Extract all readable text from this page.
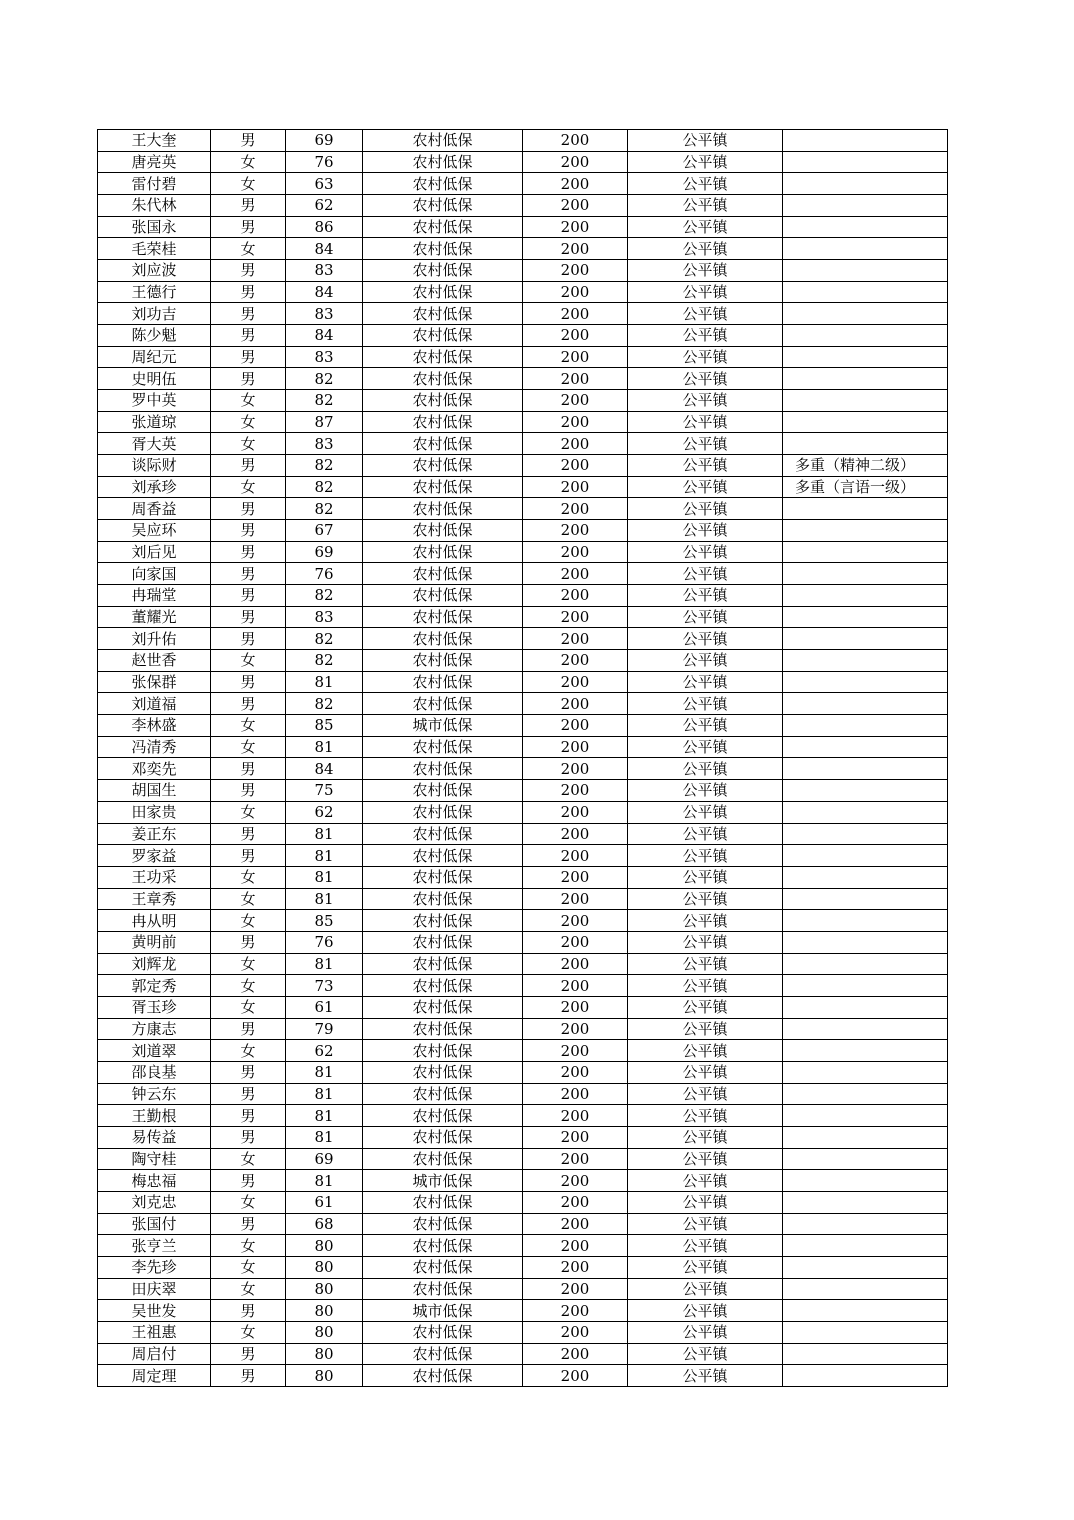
王大奎	男	69	农村低保	200	公平镇	
唐亮英	女	76	农村低保	200	公平镇	
雷付碧	女	63	农村低保	200	公平镇	
朱代林	男	62	农村低保	200	公平镇	
张国永	男	86	农村低保	200	公平镇	
毛荣桂	女	84	农村低保	200	公平镇	
刘应波	男	83	农村低保	200	公平镇	
王德行	男	84	农村低保	200	公平镇	
刘功吉	男	83	农村低保	200	公平镇	
陈少魁	男	84	农村低保	200	公平镇	
周纪元	男	83	农村低保	200	公平镇	
史明伍	男	82	农村低保	200	公平镇	
罗中英	女	82	农村低保	200	公平镇	
张道琼	女	87	农村低保	200	公平镇	
胥大英	女	83	农村低保	200	公平镇	
谈际财	男	82	农村低保	200	公平镇	多重（精神二级）
刘承珍	女	82	农村低保	200	公平镇	多重（言语一级）
周香益	男	82	农村低保	200	公平镇	
吴应环	男	67	农村低保	200	公平镇	
刘后见	男	69	农村低保	200	公平镇	
向家国	男	76	农村低保	200	公平镇	
冉瑞堂	男	82	农村低保	200	公平镇	
董耀光	男	83	农村低保	200	公平镇	
刘升佑	男	82	农村低保	200	公平镇	
赵世香	女	82	农村低保	200	公平镇	
张保群	男	81	农村低保	200	公平镇	
刘道福	男	82	农村低保	200	公平镇	
李林盛	女	85	城市低保	200	公平镇	
冯清秀	女	81	农村低保	200	公平镇	
邓奕先	男	84	农村低保	200	公平镇	
胡国生	男	75	农村低保	200	公平镇	
田家贵	女	62	农村低保	200	公平镇	
姜正东	男	81	农村低保	200	公平镇	
罗家益	男	81	农村低保	200	公平镇	
王功采	女	81	农村低保	200	公平镇	
王章秀	女	81	农村低保	200	公平镇	
冉从明	女	85	农村低保	200	公平镇	
黄明前	男	76	农村低保	200	公平镇	
刘辉龙	女	81	农村低保	200	公平镇	
郭定秀	女	73	农村低保	200	公平镇	
胥玉珍	女	61	农村低保	200	公平镇	
方康志	男	79	农村低保	200	公平镇	
刘道翠	女	62	农村低保	200	公平镇	
邵良基	男	81	农村低保	200	公平镇	
钟云东	男	81	农村低保	200	公平镇	
王勤根	男	81	农村低保	200	公平镇	
易传益	男	81	农村低保	200	公平镇	
陶守桂	女	69	农村低保	200	公平镇	
梅忠福	男	81	城市低保	200	公平镇	
刘克忠	女	61	农村低保	200	公平镇	
张国付	男	68	农村低保	200	公平镇	
张亨兰	女	80	农村低保	200	公平镇	
李先珍	女	80	农村低保	200	公平镇	
田庆翠	女	80	农村低保	200	公平镇	
吴世发	男	80	城市低保	200	公平镇	
王祖惠	女	80	农村低保	200	公平镇	
周启付	男	80	农村低保	200	公平镇	
周定理	男	80	农村低保	200	公平镇	
